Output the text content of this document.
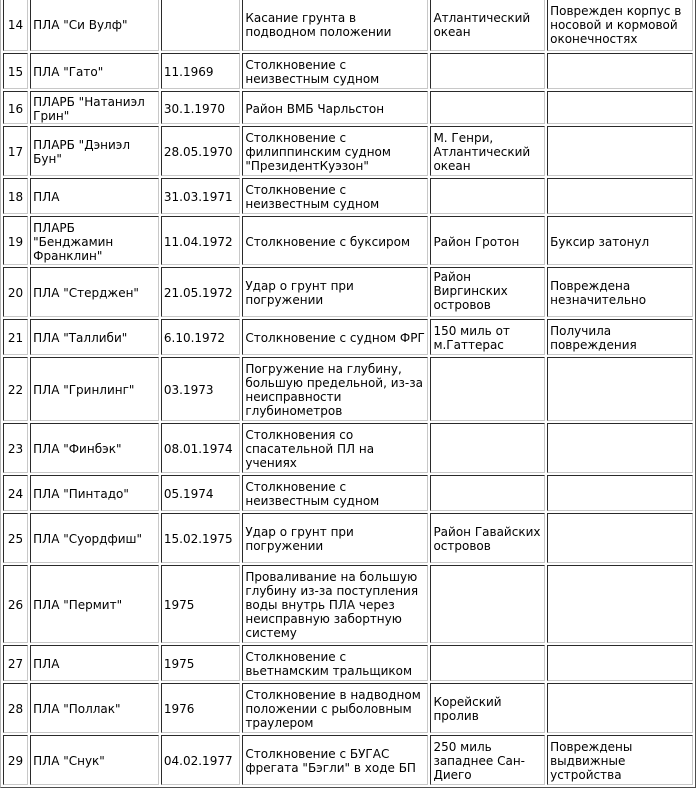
14	ПЛА "Си Вулф"		Касание грунта в подводном положении	Атлантический океан	Поврежден корпус в носовой и кормовой оконечностях
15	ПЛА "Гато"	11.1969	Столкновение с неизвестным судном		
16	ПЛАРБ "Натаниэл Грин"	30.1.1970	Район ВМБ Чарльстон		
17	ПЛАРБ "Дэниэл Бун"	28.05.1970	Столкновение с филиппинским судном "ПрезидентКуэзон"	М. Генри, Атлантический океан	
18	ПЛА	31.03.1971	Столкновение с неизвестным судном		
19	ПЛАРБ "Бенджамин Франклин"	11.04.1972	Столкновение с буксиром	Район Гротон	Буксир затонул
20	ПЛА "Стерджен"	21.05.1972	Удар о грунт при погружении	Район Виргинских островов	Повреждена незначительно
21	ПЛА "Таллиби"	6.10.1972	Столкновение с судном ФРГ	150 миль от м.Гаттерас	Получила повреждения
22	ПЛА "Гринлинг"	03.1973	Погружение на глубину, большую предельной, из-за неисправности глубинометров		
23	ПЛА "Финбэк"	08.01.1974	Столкновения со спасательной ПЛ на учениях		
24	ПЛА "Пинтадо"	05.1974	Столкновение с неизвестным судном		
25	ПЛА "Суордфиш"	15.02.1975	Удар о грунт при погружении	Район Гавайских островов	
26	ПЛА "Пермит"	1975	Проваливание на большую глубину из-за поступления воды внутрь ПЛА через неисправную забортную систему		
27	ПЛА	1975	Столкновение с вьетнамским тральщиком		
28	ПЛА "Поллак"	1976	Столкновение в надводном положении с рыболовным траулером	Корейский пролив	
29	ПЛА "Снук"	04.02.1977	Столкновение с БУГАС фрегата "Бэгли" в ходе БП	250 миль западнее Сан-Диего	Повреждены выдвижные устройства
